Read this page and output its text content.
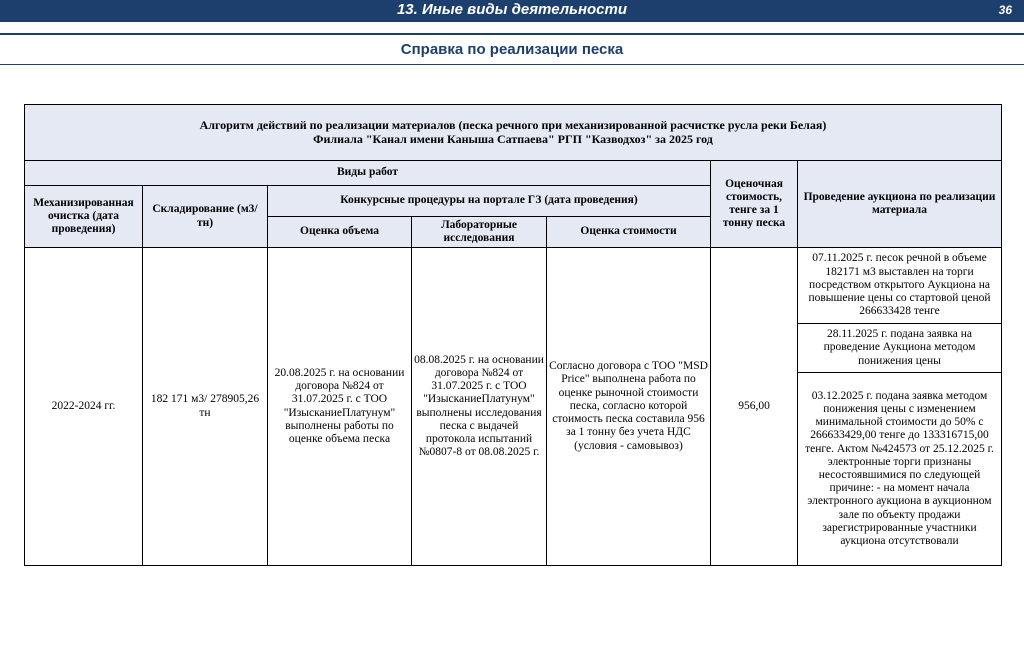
13. Иные виды деятельности	36
Справка по реализации песка
Алгоритм действий по реализации материалов (песка речного при механизированной расчистке русла реки Белая)
Филиала "Канал имени Каныша Сатпаева" РГП "Казводхоз" за 2025 год						
Виды работ					Оценочная стоимость, тенге за 1 тонну песка	Проведение аукциона по реализации материала
Механизированная очистка (дата проведения)	Складирование (м3/тн)	Конкурсные процедуры на портале ГЗ (дата проведения)				
		Оценка объема	Лабораторные исследования	Оценка стоимости		
2022-2024 гг.	182 171 м3/ 278905,26 тн	20.08.2025 г. на основании договора №824 от 31.07.2025 г. с ТОО "ИзысканиеПлатунум" выполнены работы по оценке объема песка	08.08.2025 г. на основании договора №824 от 31.07.2025 г. с ТОО "ИзысканиеПлатунум" выполнены исследования песка с выдачей протокола испытаний №0807-8 от 08.08.2025 г.	Согласно договора с ТОО "MSD Price" выполнена работа по оценке рыночной стоимости песка, согласно которой стоимость песка составила 956 за 1 тонну без учета НДС (условия - самовывоз)	956,00	07.11.2025 г. песок речной в объеме 182171 м3 выставлен на торги посредством открытого Аукциона на повышение цены со стартовой ценой 266633428 тенге
						28.11.2025 г. подана заявка на проведение Аукциона методом понижения цены
						03.12.2025 г. подана заявка методом понижения цены с изменением минимальной стоимости до 50% с 266633429,00 тенге до 133316715,00 тенге. Актом №424573 от 25.12.2025 г. электронные торги признаны несостоявшимися по следующей причине: - на момент начала электронного аукциона в аукционном зале по объекту продажи зарегистрированные участники аукциона отсутствовали
